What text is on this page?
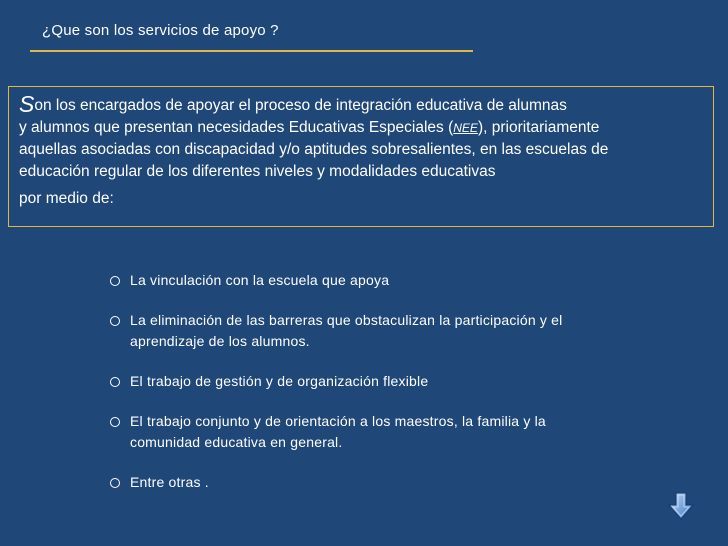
¿Que son los servicios de apoyo ?
Son los encargados de apoyar el proceso de integración educativa de alumnas
y alumnos que presentan necesidades Educativas Especiales (NEE), prioritariamente
aquellas asociadas con discapacidad y/o aptitudes sobresalientes, en las escuelas de
educación regular de los diferentes niveles y modalidades educativas

por medio de:
La vinculación con la escuela que apoya
La eliminación de las barreras que obstaculizan la participación y el
aprendizaje de los alumnos.
El trabajo de gestión y de organización flexible
El trabajo conjunto y de orientación a los maestros, la familia y la
comunidad educativa en general.
Entre otras .
